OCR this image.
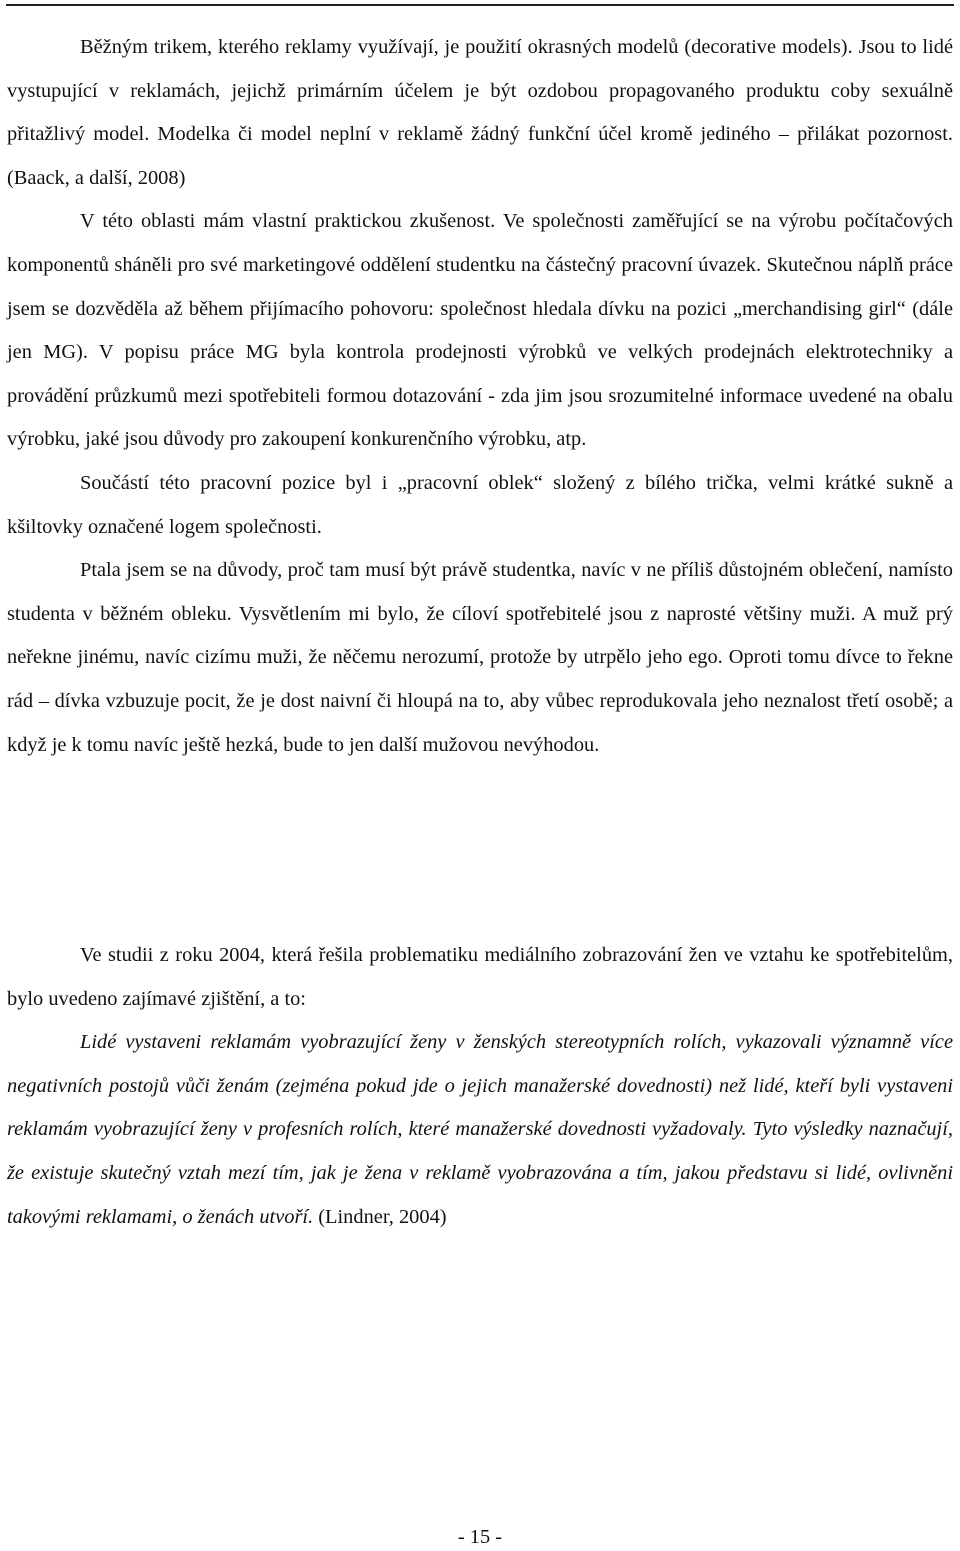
Běžným trikem, kterého reklamy využívají, je použití okrasných modelů (decorative models). Jsou to lidé vystupující v reklamách, jejichž primárním účelem je být ozdobou propagovaného produktu coby sexuálně přitažlivý model. Modelka či model neplní v reklamě žádný funkční účel kromě jediného – přilákat pozornost. (Baack, a další, 2008)

V této oblasti mám vlastní praktickou zkušenost. Ve společnosti zaměřující se na výrobu počítačových komponentů sháněli pro své marketingové oddělení studentku na částečný pracovní úvazek. Skutečnou náplň práce jsem se dozvěděla až během přijímacího pohovoru: společnost hledala dívku na pozici „merchandising girl“ (dále jen MG). V popisu práce MG byla kontrola prodejnosti výrobků ve velkých prodejnách elektrotechniky a provádění průzkumů mezi spotřebiteli formou dotazování - zda jim jsou srozumitelné informace uvedené na obalu výrobku, jaké jsou důvody pro zakoupení konkurenčního výrobku, atp.

Součástí této pracovní pozice byl i „pracovní oblek“ složený z bílého trička, velmi krátké sukně a kšiltovky označené logem společnosti.

Ptala jsem se na důvody, proč tam musí být právě studentka, navíc v ne příliš důstojném oblečení, namísto studenta v běžném obleku. Vysvětlením mi bylo, že cíloví spotřebitelé jsou z naprosté většiny muži. A muž prý neřekne jinému, navíc cizímu muži, že něčemu nerozumí, protože by utrpělo jeho ego. Oproti tomu dívce to řekne rád – dívka vzbuzuje pocit, že je dost naivní či hloupá na to, aby vůbec reprodukovala jeho neznalost třetí osobě; a když je k tomu navíc ještě hezká, bude to jen další mužovou nevýhodou.

Ve studii z roku 2004, která řešila problematiku mediálního zobrazování žen ve vztahu ke spotřebitelům, bylo uvedeno zajímavé zjištění, a to:

Lidé vystaveni reklamám vyobrazující ženy v ženských stereotypních rolích, vykazovali významně více negativních postojů vůči ženám (zejména pokud jde o jejich manažerské dovednosti) než lidé, kteří byli vystaveni reklamám vyobrazující ženy v profesních rolích, které manažerské dovednosti vyžadovaly. Tyto výsledky naznačují, že existuje skutečný vztah mezí tím, jak je žena v reklamě vyobrazována a tím, jakou představu si lidé, ovlivněni takovými reklamami, o ženách utvoří. (Lindner, 2004)

- 15 -
